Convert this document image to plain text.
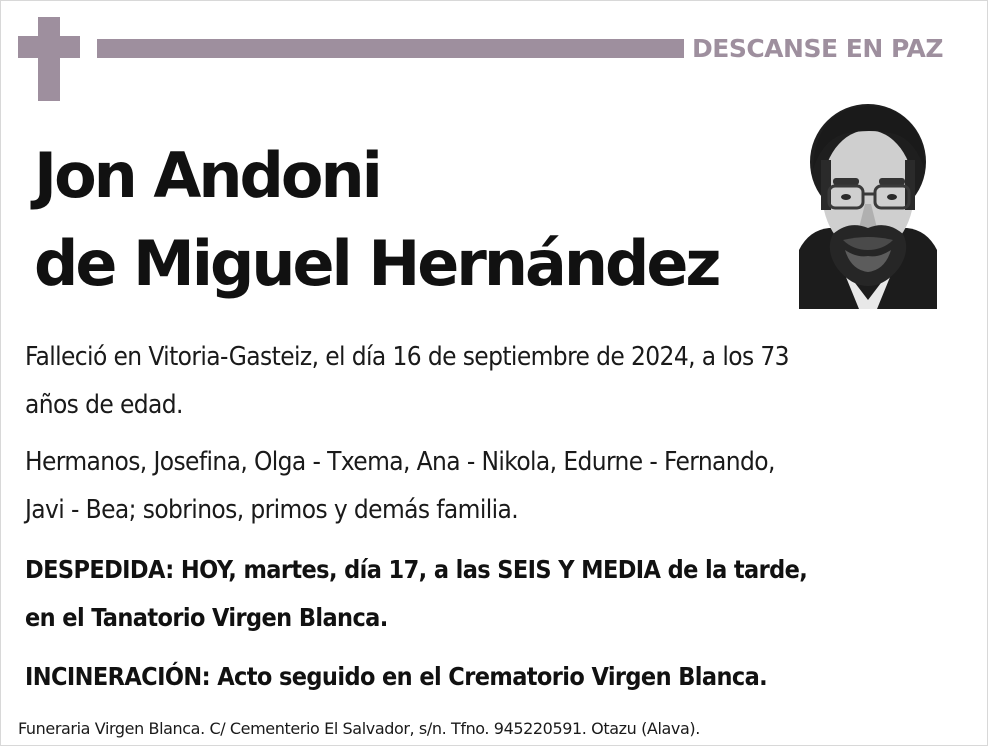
DESCANSE EN PAZ
Jon Andoni
de Miguel Hernández
Falleció en Vitoria-Gasteiz, el día 16 de septiembre de 2024, a los 73
años de edad.
Hermanos, Josefina, Olga - Txema, Ana - Nikola, Edurne - Fernando,
Javi - Bea; sobrinos, primos y demás familia.
DESPEDIDA: HOY, martes, día 17, a las SEIS Y MEDIA de la tarde,
en el Tanatorio Virgen Blanca.
INCINERACIÓN: Acto seguido en el Crematorio Virgen Blanca.
Funeraria Virgen Blanca. C/ Cementerio El Salvador, s/n. Tfno. 945220591. Otazu (Alava).
